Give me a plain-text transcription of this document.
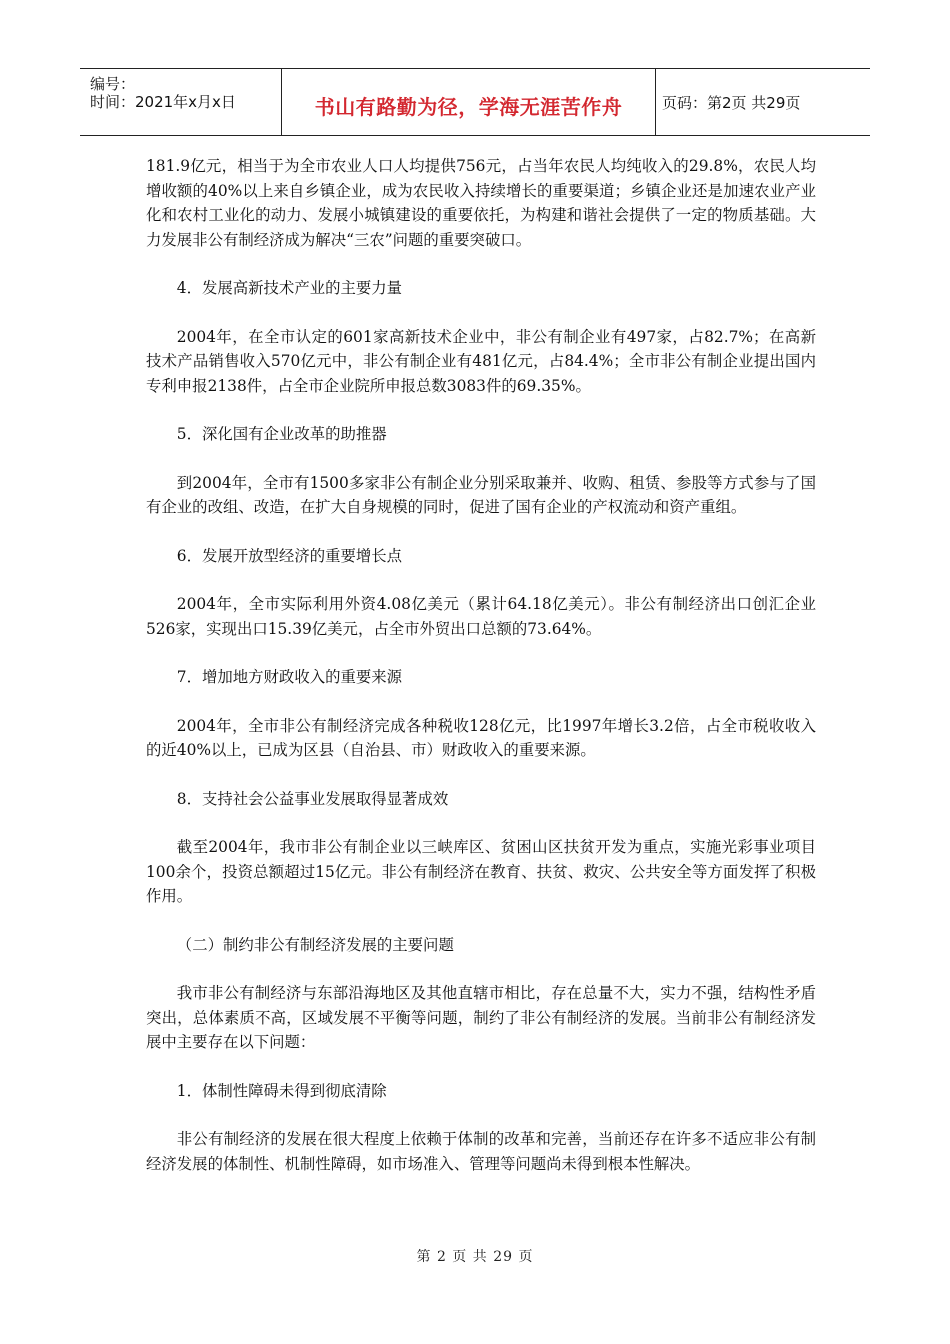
编号：
时间：2021年x月x日	书山有路勤为径，学海无涯苦作舟	页码：第2页 共29页

181.9亿元，相当于为全市农业人口人均提供756元，占当年农民人均纯收入的29.8%，农民人均增收额的40%以上来自乡镇企业，成为农民收入持续增长的重要渠道；乡镇企业还是加速农业产业化和农村工业化的动力、发展小城镇建设的重要依托，为构建和谐社会提供了一定的物质基础。大力发展非公有制经济成为解决“三农”问题的重要突破口。

4．发展高新技术产业的主要力量

2004年，在全市认定的601家高新技术企业中，非公有制企业有497家，占82.7%；在高新技术产品销售收入570亿元中，非公有制企业有481亿元，占84.4%；全市非公有制企业提出国内专利申报2138件，占全市企业院所申报总数3083件的69.35%。

5．深化国有企业改革的助推器

到2004年，全市有1500多家非公有制企业分别采取兼并、收购、租赁、参股等方式参与了国有企业的改组、改造，在扩大自身规模的同时，促进了国有企业的产权流动和资产重组。

6．发展开放型经济的重要增长点

2004年，全市实际利用外资4.08亿美元（累计64.18亿美元）。非公有制经济出口创汇企业526家，实现出口15.39亿美元，占全市外贸出口总额的73.64%。

7．增加地方财政收入的重要来源

2004年，全市非公有制经济完成各种税收128亿元，比1997年增长3.2倍，占全市税收收入的近40%以上，已成为区县（自治县、市）财政收入的重要来源。

8．支持社会公益事业发展取得显著成效

截至2004年，我市非公有制企业以三峡库区、贫困山区扶贫开发为重点，实施光彩事业项目100余个，投资总额超过15亿元。非公有制经济在教育、扶贫、救灾、公共安全等方面发挥了积极作用。

（二）制约非公有制经济发展的主要问题

我市非公有制经济与东部沿海地区及其他直辖市相比，存在总量不大，实力不强，结构性矛盾突出，总体素质不高，区域发展不平衡等问题，制约了非公有制经济的发展。当前非公有制经济发展中主要存在以下问题：

1．体制性障碍未得到彻底清除

非公有制经济的发展在很大程度上依赖于体制的改革和完善，当前还存在许多不适应非公有制经济发展的体制性、机制性障碍，如市场准入、管理等问题尚未得到根本性解决。

第 2 页 共 29 页
